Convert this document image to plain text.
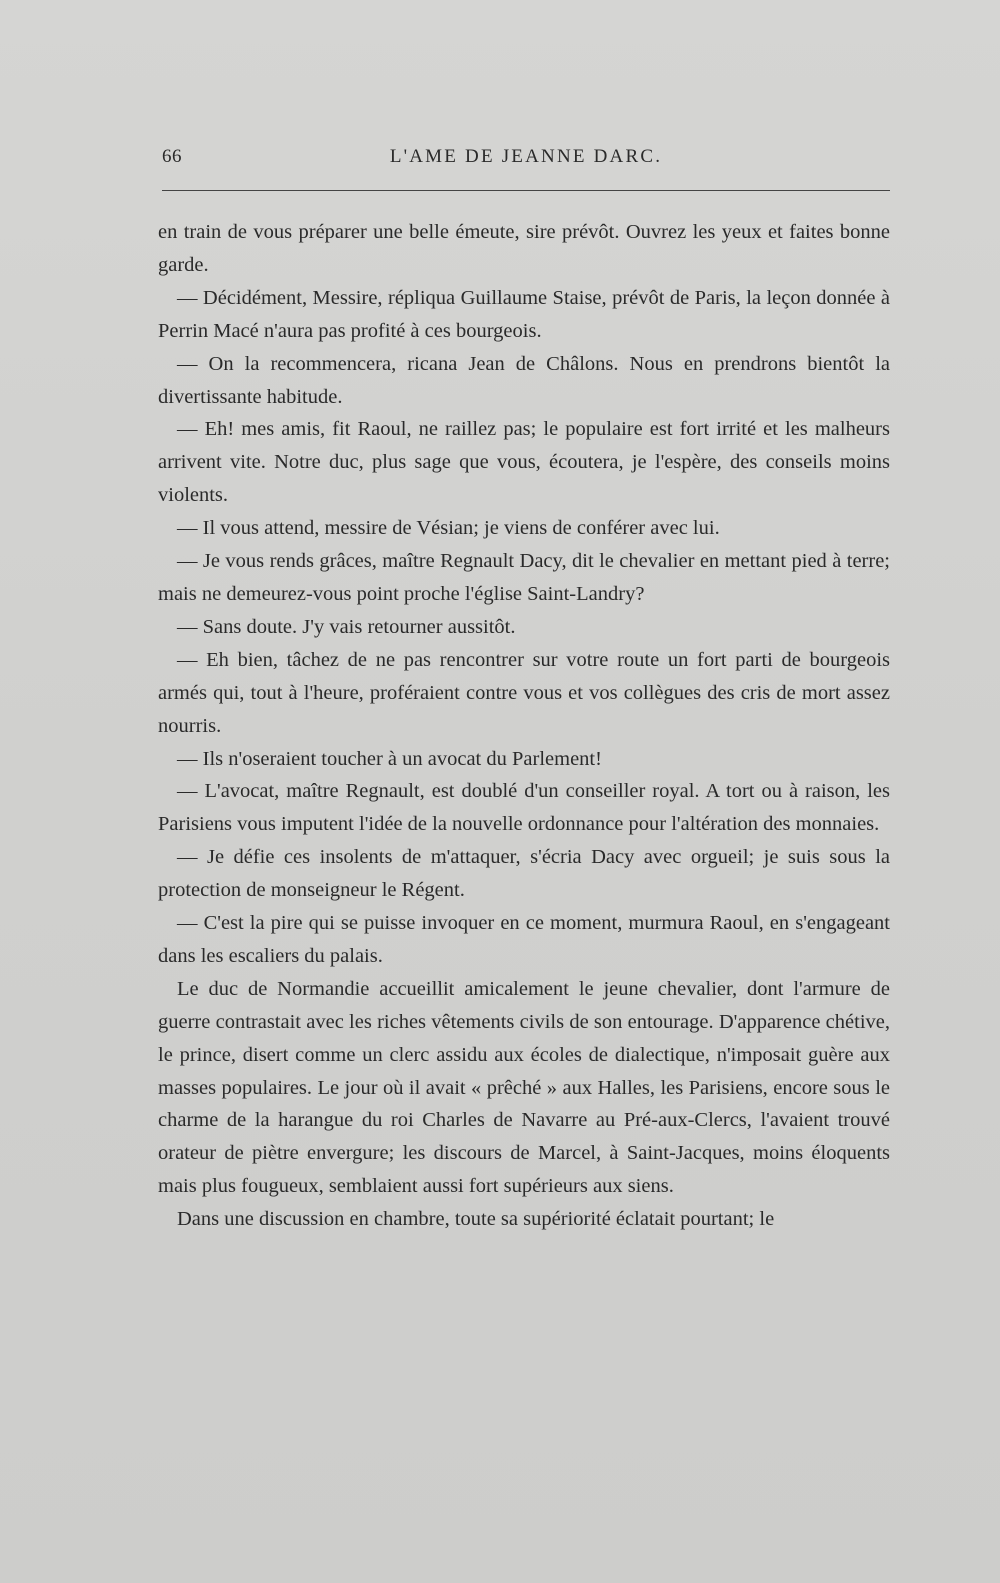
66	L'AME DE JEANNE DARC.

en train de vous préparer une belle émeute, sire prévôt. Ouvrez les yeux et faites bonne garde.

— Décidément, Messire, répliqua Guillaume Staise, prévôt de Paris, la leçon donnée à Perrin Macé n'aura pas profité à ces bourgeois.

— On la recommencera, ricana Jean de Châlons. Nous en prendrons bientôt la divertissante habitude.

— Eh! mes amis, fit Raoul, ne raillez pas; le populaire est fort irrité et les malheurs arrivent vite. Notre duc, plus sage que vous, écoutera, je l'espère, des conseils moins violents.

— Il vous attend, messire de Vésian; je viens de conférer avec lui.

— Je vous rends grâces, maître Regnault Dacy, dit le chevalier en mettant pied à terre; mais ne demeurez-vous point proche l'église Saint-Landry?

— Sans doute. J'y vais retourner aussitôt.

— Eh bien, tâchez de ne pas rencontrer sur votre route un fort parti de bourgeois armés qui, tout à l'heure, proféraient contre vous et vos collègues des cris de mort assez nourris.

— Ils n'oseraient toucher à un avocat du Parlement!

— L'avocat, maître Regnault, est doublé d'un conseiller royal. A tort ou à raison, les Parisiens vous imputent l'idée de la nouvelle ordonnance pour l'altération des monnaies.

— Je défie ces insolents de m'attaquer, s'écria Dacy avec orgueil; je suis sous la protection de monseigneur le Régent.

— C'est la pire qui se puisse invoquer en ce moment, murmura Raoul, en s'engageant dans les escaliers du palais.

Le duc de Normandie accueillit amicalement le jeune chevalier, dont l'armure de guerre contrastait avec les riches vêtements civils de son entourage. D'apparence chétive, le prince, disert comme un clerc assidu aux écoles de dialectique, n'imposait guère aux masses populaires. Le jour où il avait « prêché » aux Halles, les Parisiens, encore sous le charme de la harangue du roi Charles de Navarre au Pré-aux-Clercs, l'avaient trouvé orateur de piètre envergure; les discours de Marcel, à Saint-Jacques, moins éloquents mais plus fougueux, semblaient aussi fort supérieurs aux siens.

Dans une discussion en chambre, toute sa supériorité éclatait pourtant; le
